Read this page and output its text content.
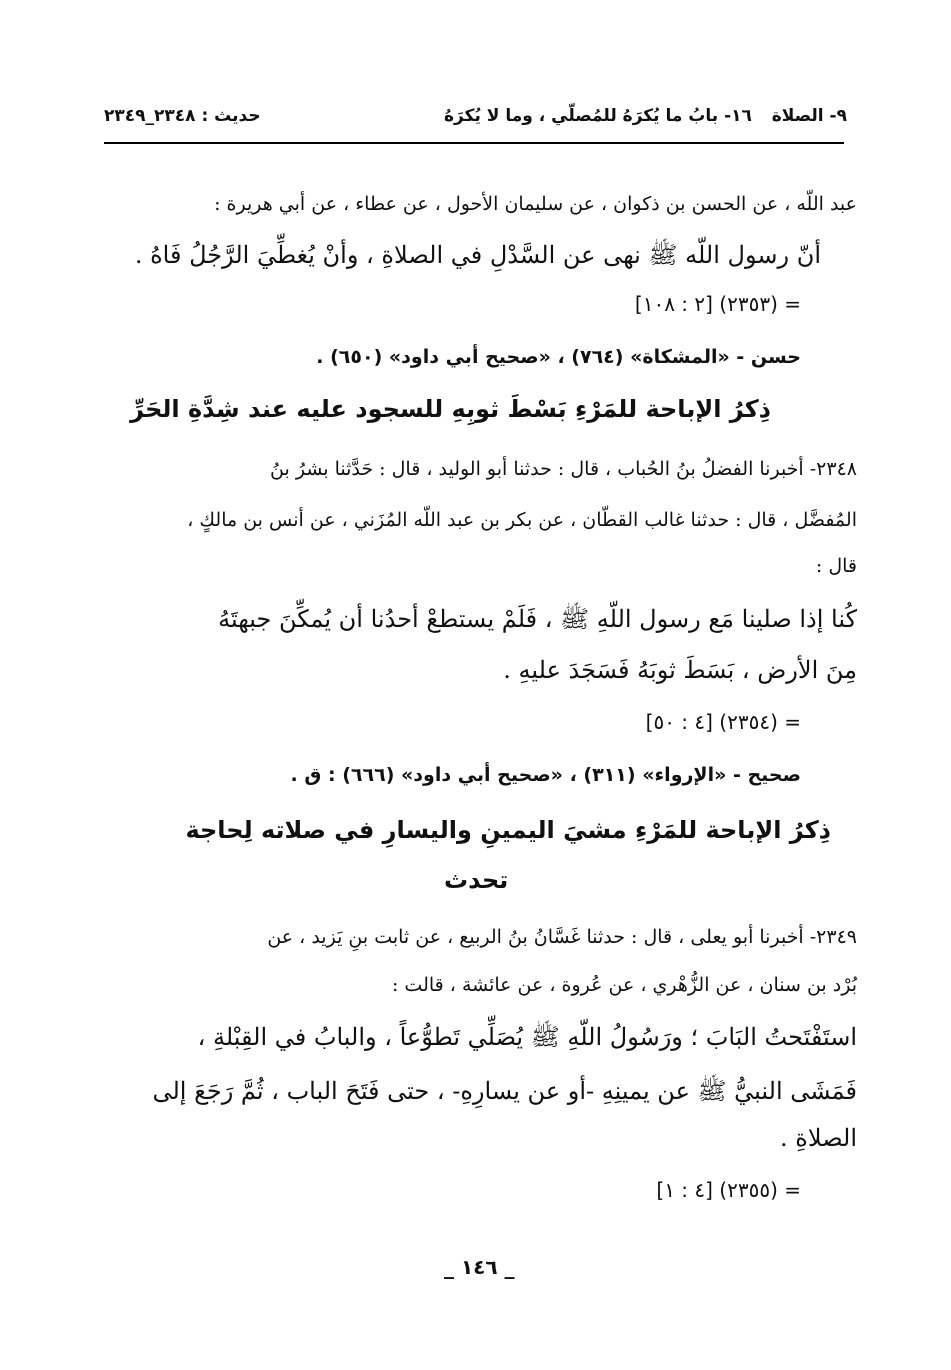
حديث : ٢٣٤٨_٢٣٤٩	١٦- بابُ ما يُكرَهُ للمُصلّي ، وما لا يُكرَهُ ٩- الصلاة
عبد اللّه ، عن الحسن بن ذكوان ، عن سليمان الأحول ، عن عطاء ، عن أبي هريرة :
أنّ رسول اللّه ﷺ نهى عن السَّدْلِ في الصلاةِ ، وأنْ يُغطِّيَ الرَّجُلُ فَاهُ .
= (٢٣٥٣) [٢ : ١٠٨]
حسن - «المشكاة» (٧٦٤) ، «صحيح أبي داود» (٦٥٠) .
ذِكرُ الإباحة للمَرْءِ بَسْطَ ثوبِهِ للسجود عليه عند شِدَّةِ الحَرِّ
٢٣٤٨- أخبرنا الفضلُ بنُ الحُباب ، قال : حدثنا أبو الوليد ، قال : حَدَّثنا بشرُ بنُ
المُفضَّل ، قال : حدثنا غالب القطّان ، عن بكر بن عبد اللّه المُزَني ، عن أنس بن مالكٍ ،
قال :
كُنا إذا صلينا مَع رسول اللّهِ ﷺ ، فَلَمْ يستطعْ أحدُنا أن يُمكِّنَ جبهتَهُ
مِنَ الأرض ، بَسَطَ ثوبَهُ فَسَجَدَ عليهِ .
= (٢٣٥٤) [٤ : ٥٠]
صحيح - «الإرواء» (٣١١) ، «صحيح أبي داود» (٦٦٦) : ق .
ذِكرُ الإباحة للمَرْءِ مشيَ اليمينِ واليسارِ في صلاته لِحاجة
تحدث
٢٣٤٩- أخبرنا أبو يعلى ، قال : حدثنا غَسَّانُ بنُ الربيع ، عن ثابت بنِ يَزيد ، عن
بُرْد بن سنان ، عن الزُّهْري ، عن عُروة ، عن عائشة ، قالت :
استَفْتَحتُ البَابَ ؛ ورَسُولُ اللّهِ ﷺ يُصَلِّي تَطوُّعاً ، والبابُ في القِبْلةِ ،
فَمَشَى النبيُّ ﷺ عن يمينِهِ -أو عن يسارِهِ- ، حتى فَتَحَ الباب ، ثُمَّ رَجَعَ إلى
الصلاةِ .
= (٢٣٥٥) [٤ : ١]
_ ١٤٦ _
